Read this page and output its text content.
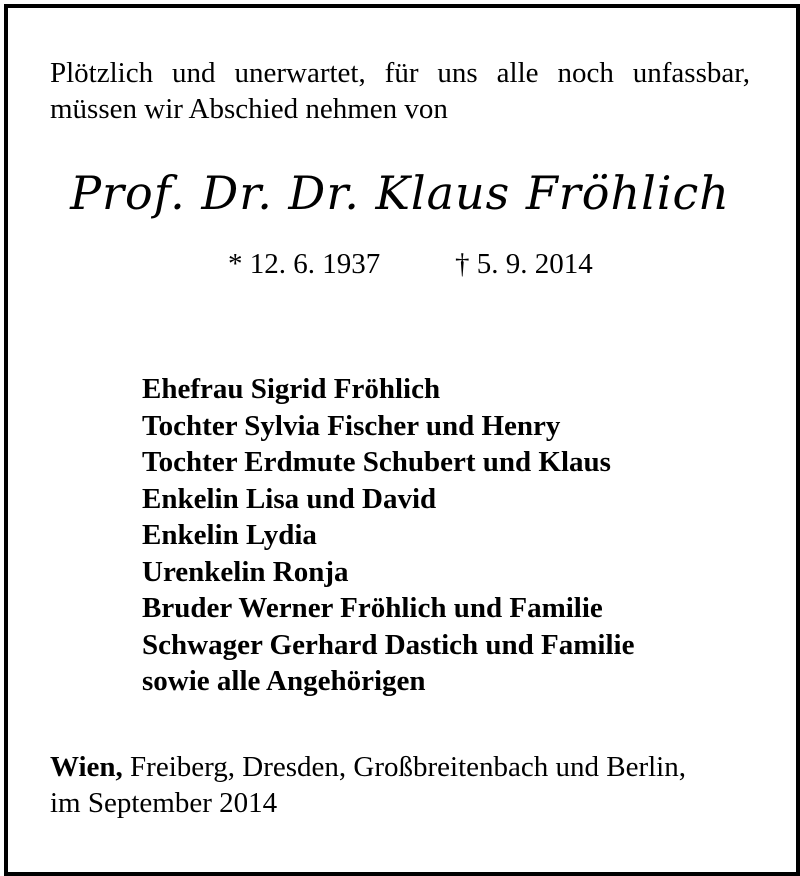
Plötzlich und unerwartet, für uns alle noch unfassbar,
müssen wir Abschied nehmen von
Prof. Dr. Dr. Klaus Fröhlich
* 12. 6. 1937	† 5. 9. 2014
Ehefrau Sigrid Fröhlich
Tochter Sylvia Fischer und Henry
Tochter Erdmute Schubert und Klaus
Enkelin Lisa und David
Enkelin Lydia
Urenkelin Ronja
Bruder Werner Fröhlich und Familie
Schwager Gerhard Dastich und Familie
sowie alle Angehörigen
Wien, Freiberg, Dresden, Großbreitenbach und Berlin,
im September 2014
